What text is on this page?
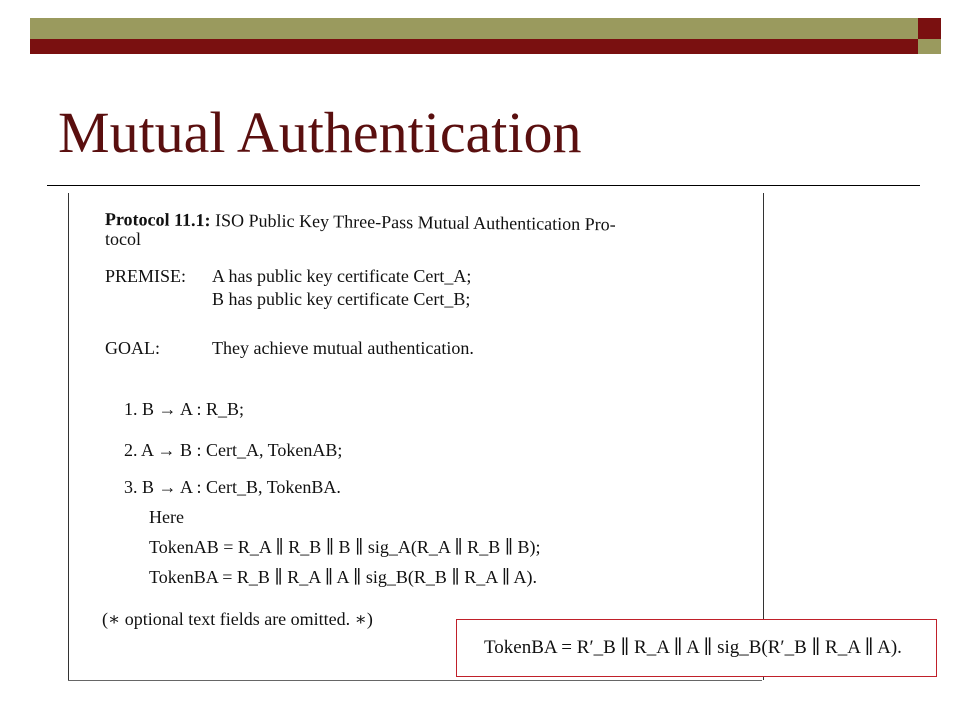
Mutual Authentication
Protocol 11.1: ISO Public Key Three-Pass Mutual Authentication Pro-
tocol
PREMISE: A has public key certificate Cert_A;
B has public key certificate Cert_B;
GOAL:	They achieve mutual authentication.
1. B → A : R_B;
2. A → B : Cert_A, TokenAB;
3. B → A : Cert_B, TokenBA.
Here
TokenAB = R_A ∥ R_B ∥ B ∥ sig_A(R_A ∥ R_B ∥ B);
TokenBA = R_B ∥ R_A ∥ A ∥ sig_B(R_B ∥ R_A ∥ A).
(∗ optional text fields are omitted. ∗)
TokenBA = R′_B ∥ R_A ∥ A ∥ sig_B(R′_B ∥ R_A ∥ A).
